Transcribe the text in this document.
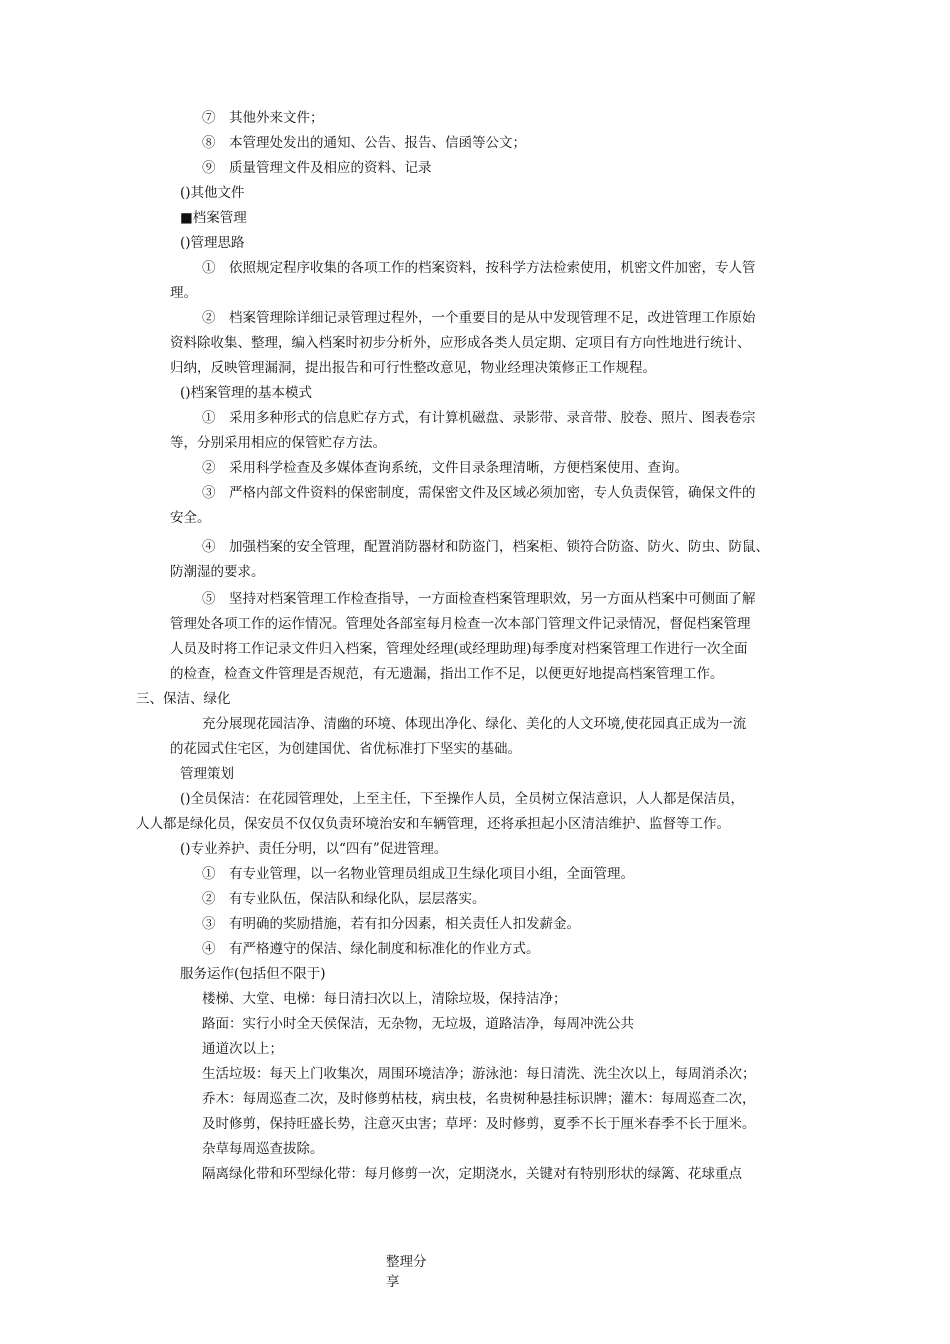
⑦　其他外来文件；
⑧　本管理处发出的通知、公告、报告、信函等公文；
⑨　质量管理文件及相应的资料、记录
()其他文件
■档案管理
()管理思路
①　依照规定程序收集的各项工作的档案资料，按科学方法检索使用，机密文件加密，专人管
理。
②　档案管理除详细记录管理过程外，一个重要目的是从中发现管理不足，改进管理工作原始
资料除收集、整理，编入档案时初步分析外，应形成各类人员定期、定项目有方向性地进行统计、
归纳，反映管理漏洞，提出报告和可行性整改意见，物业经理决策修正工作规程。
()档案管理的基本模式
①　采用多种形式的信息贮存方式，有计算机磁盘、录影带、录音带、胶卷、照片、图表卷宗
等，分别采用相应的保管贮存方法。
②　采用科学检查及多媒体查询系统，文件目录条理清晰，方便档案使用、查询。
③　严格内部文件资料的保密制度，需保密文件及区域必须加密，专人负责保管，确保文件的
安全。
④　加强档案的安全管理，配置消防器材和防盗门，档案柜、锁符合防盗、防火、防虫、防鼠、
防潮湿的要求。
⑤　坚持对档案管理工作检查指导，一方面检查档案管理职效，另一方面从档案中可侧面了解
管理处各项工作的运作情况。管理处各部室每月检查一次本部门管理文件记录情况，督促档案管理
人员及时将工作记录文件归入档案，管理处经理(或经理助理)每季度对档案管理工作进行一次全面
的检查，检查文件管理是否规范，有无遗漏，指出工作不足，以便更好地提高档案管理工作。
三、保洁、绿化
充分展现花园洁净、清幽的环境、体现出净化、绿化、美化的人文环境,使花园真正成为一流
的花园式住宅区，为创建国优、省优标准打下坚实的基础。
管理策划
()全员保洁：在花园管理处，上至主任，下至操作人员，全员树立保洁意识，人人都是保洁员，
人人都是绿化员，保安员不仅仅负责环境治安和车辆管理，还将承担起小区清洁维护、监督等工作。
()专业养护、责任分明，以“四有”促进管理。
①　有专业管理，以一名物业管理员组成卫生绿化项目小组，全面管理。
②　有专业队伍，保洁队和绿化队，层层落实。
③　有明确的奖励措施，若有扣分因素，相关责任人扣发薪金。
④　有严格遵守的保洁、绿化制度和标准化的作业方式。
服务运作(包括但不限于)
楼梯、大堂、电梯：每日清扫次以上，清除垃圾，保持洁净；
路面：实行小时全天侯保洁，无杂物，无垃圾，道路洁净，每周冲洗公共
通道次以上；
生活垃圾：每天上门收集次，周围环境洁净；游泳池：每日清洗、洗尘次以上，每周消杀次；
乔木：每周巡查二次，及时修剪枯枝，病虫枝，名贵树种悬挂标识牌；灌木：每周巡查二次，
及时修剪，保持旺盛长势，注意灭虫害；草坪：及时修剪，夏季不长于厘米春季不长于厘米。
杂草每周巡查拔除。
隔离绿化带和环型绿化带：每月修剪一次，定期浇水，关键对有特别形状的绿篱、花球重点
整理分享
